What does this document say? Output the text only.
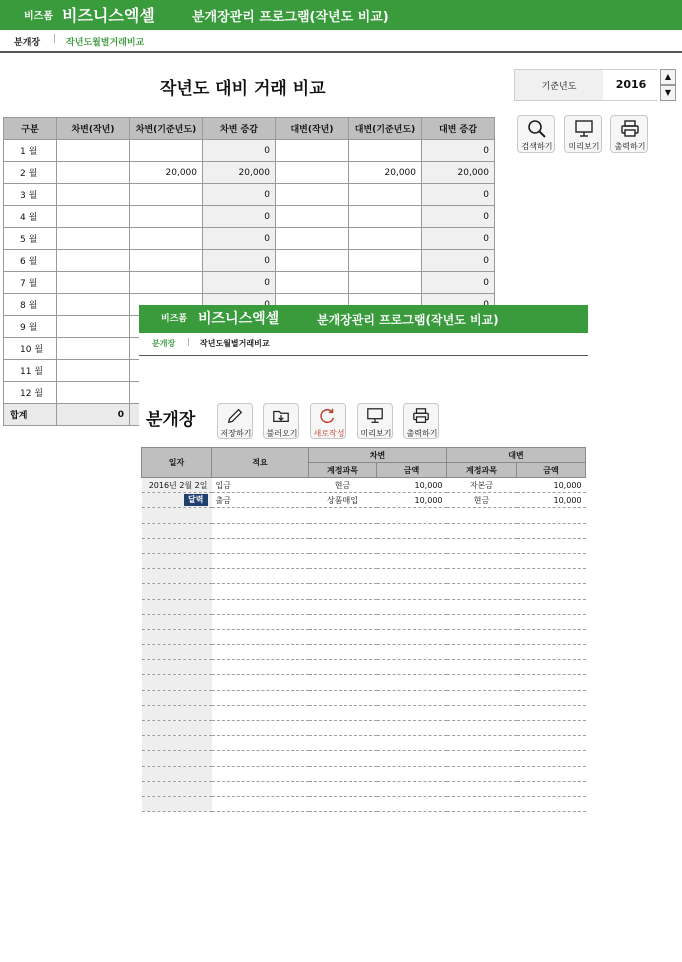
비즈폼 비즈니스엑셀	분개장관리 프로그램(작년도 비교)
분개장 | 작년도월별거래비교
작년도 대비 거래 비교	기준년도	2016
▲
▼
검색하기	미리보기	출력하기
구분	차변(작년)	차변(기준년도)	차변 증감	대변(작년)	대변(기준년도)	대변 증감
1 월			0			0
2 월		20,000	20,000		20,000	20,000
3 월			0			0
4 월			0			0
5 월			0			0
6 월			0			0
7 월			0			0
8 월						
9 월						
10 월						
11 월						
12 월						
합계	0					
비즈폼 비즈니스엑셀	분개장관리 프로그램(작년도 비교)
분개장 | 작년도월별거래비교
분개장
저장하기	불러오기	새로작성	미리보기	출력하기
일자	적요	차변		대변	
		계정과목	금액	계정과목	금액
2016년 2월 2일	입금	현금	10,000	자본금	10,000
달력	출금	상품매입	10,000	현금	10,000
